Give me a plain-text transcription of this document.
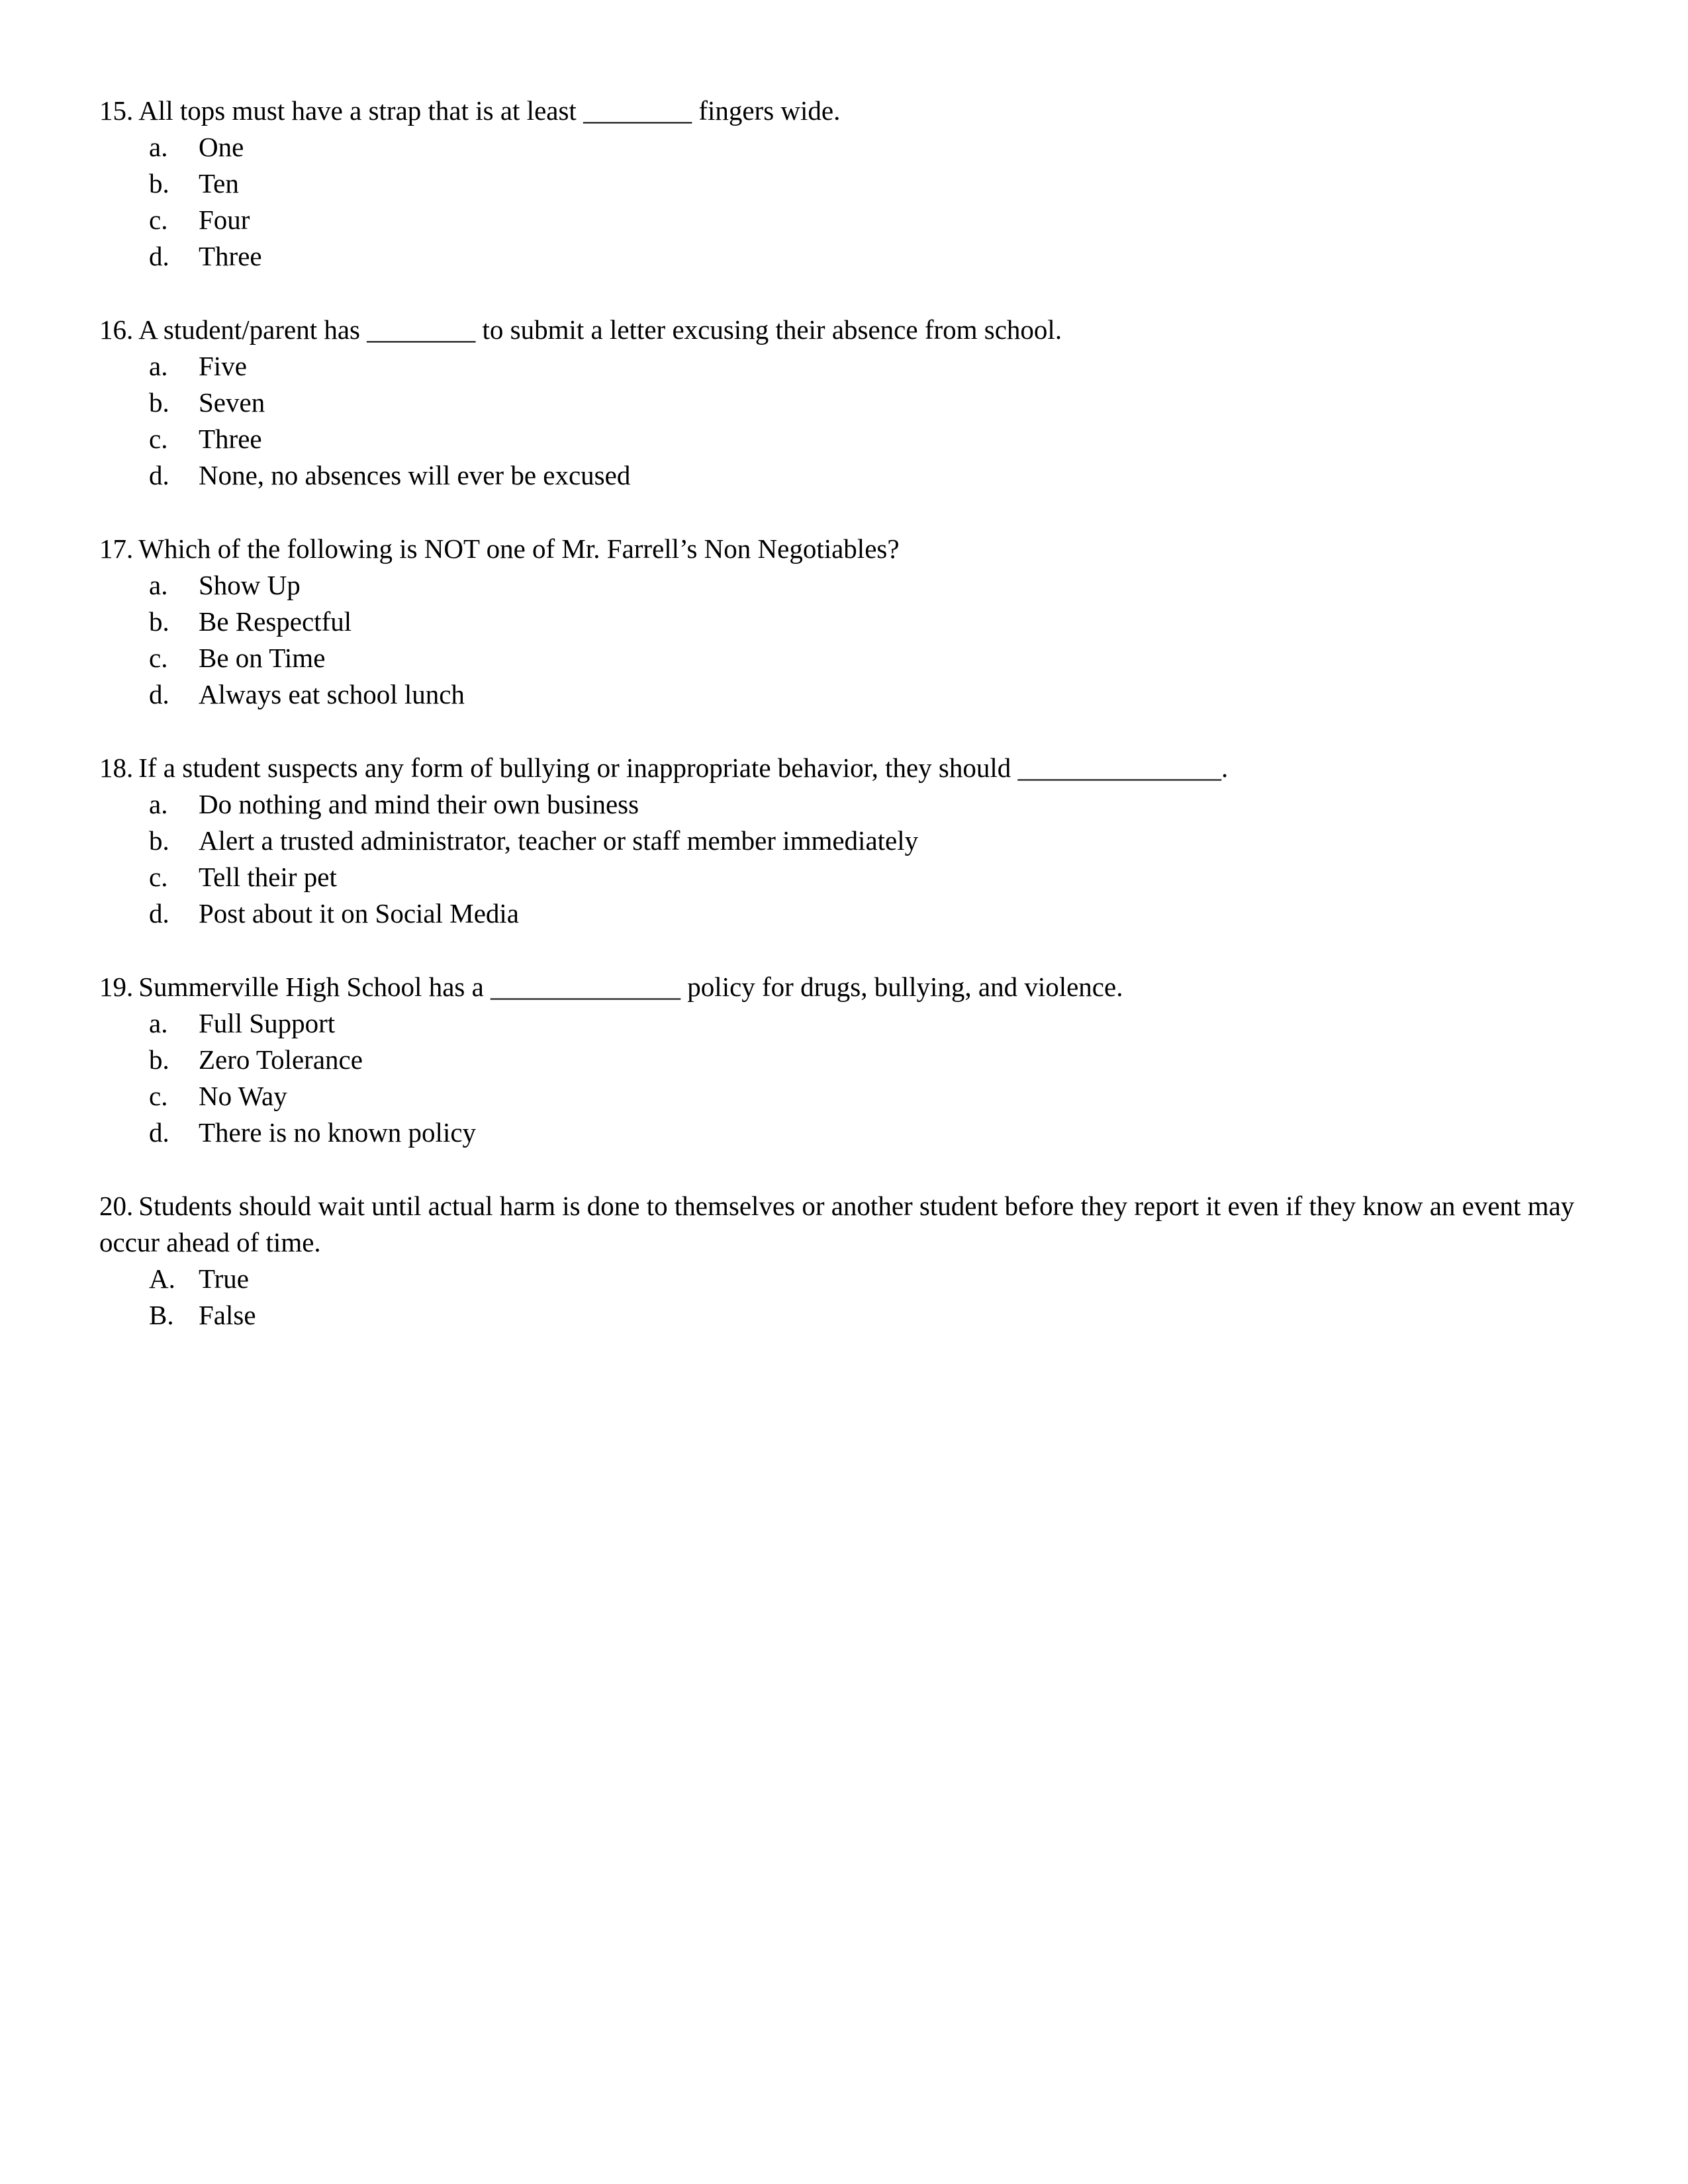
15. All tops must have a strap that is at least ________ fingers wide.

a.	One
b.	Ten
c.	Four
d.	Three

16. A student/parent has ________ to submit a letter excusing their absence from school.

a.	Five
b.	Seven
c.	Three
d.	None, no absences will ever be excused

17. Which of the following is NOT one of Mr. Farrell’s Non Negotiables?

a.	Show Up
b.	Be Respectful
c.	Be on Time
d.	Always eat school lunch

18. If a student suspects any form of bullying or inappropriate behavior, they should _______________.

a.	Do nothing and mind their own business
b.	Alert a trusted administrator, teacher or staff member immediately
c.	Tell their pet
d.	Post about it on Social Media

19. Summerville High School has a ______________ policy for drugs, bullying, and violence.

a.	Full Support
b.	Zero Tolerance
c.	No Way
d.	There is no known policy

20. Students should wait until actual harm is done to themselves or another student before they report it even if they know an event may occur ahead of time.

A. True
B. False
